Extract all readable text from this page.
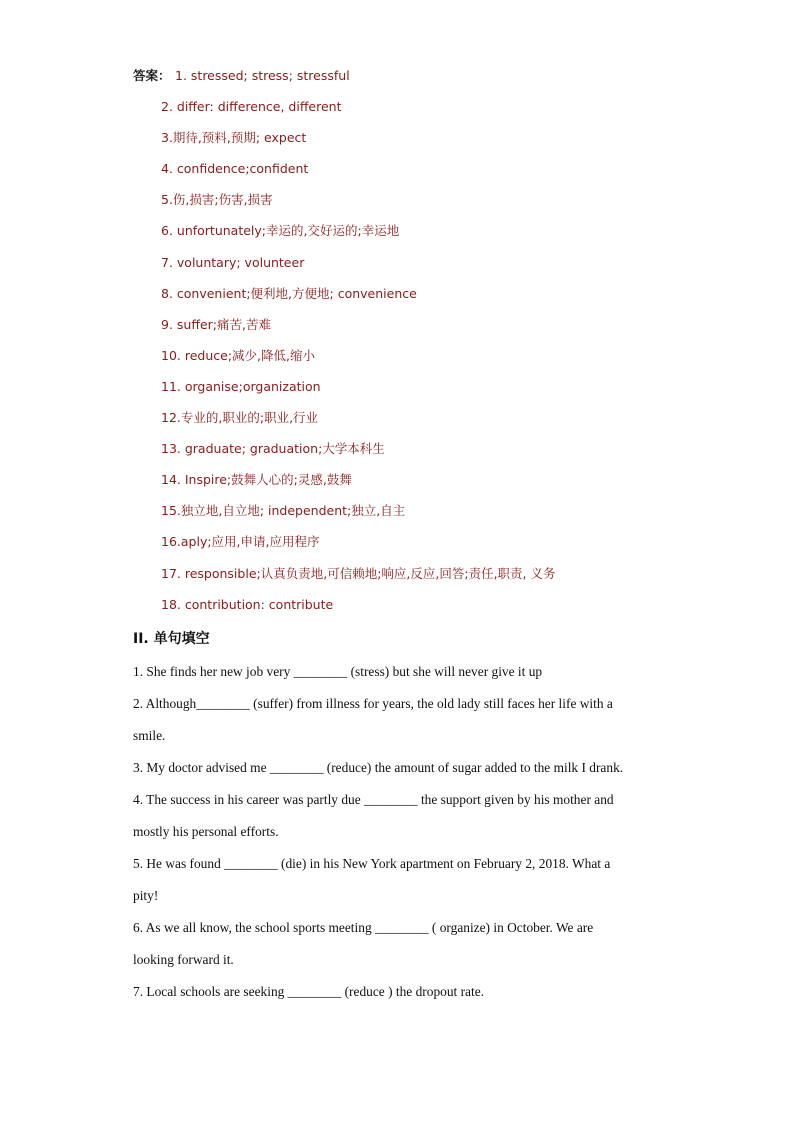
答案： 1. stressed; stress; stressful
2. differ: difference, different
3.期待,预料,预期; expect
4. confidence;confident
5.伤,损害;伤害,损害
6. unfortunately;幸运的,交好运的;幸运地
7. voluntary; volunteer
8. convenient;便利地,方便地; convenience
9. suffer;痛苦,苦难
10. reduce;减少,降低,缩小
11. organise;organization
12.专业的,职业的;职业,行业
13. graduate; graduation;大学本科生
14. Inspire;鼓舞人心的;灵感,鼓舞
15.独立地,自立地; independent;独立,自主
16.aply;应用,申请,应用程序
17. responsible;认真负责地,可信赖地;响应,反应,回答;责任,职责, 义务
18. contribution: contribute
II. 单句填空
1. She finds her new job very ________ (stress) but she will never give it up
2. Although________ (suffer) from illness for years, the old lady still faces her life with a
smile.
3. My doctor advised me ________ (reduce) the amount of sugar added to the milk I drank.
4. The success in his career was partly due ________ the support given by his mother and
mostly his personal efforts.
5. He was found ________ (die) in his New York apartment on February 2, 2018. What a
pity!
6. As we all know, the school sports meeting ________ ( organize) in October. We are
looking forward it.
7. Local schools are seeking ________ (reduce ) the dropout rate.
